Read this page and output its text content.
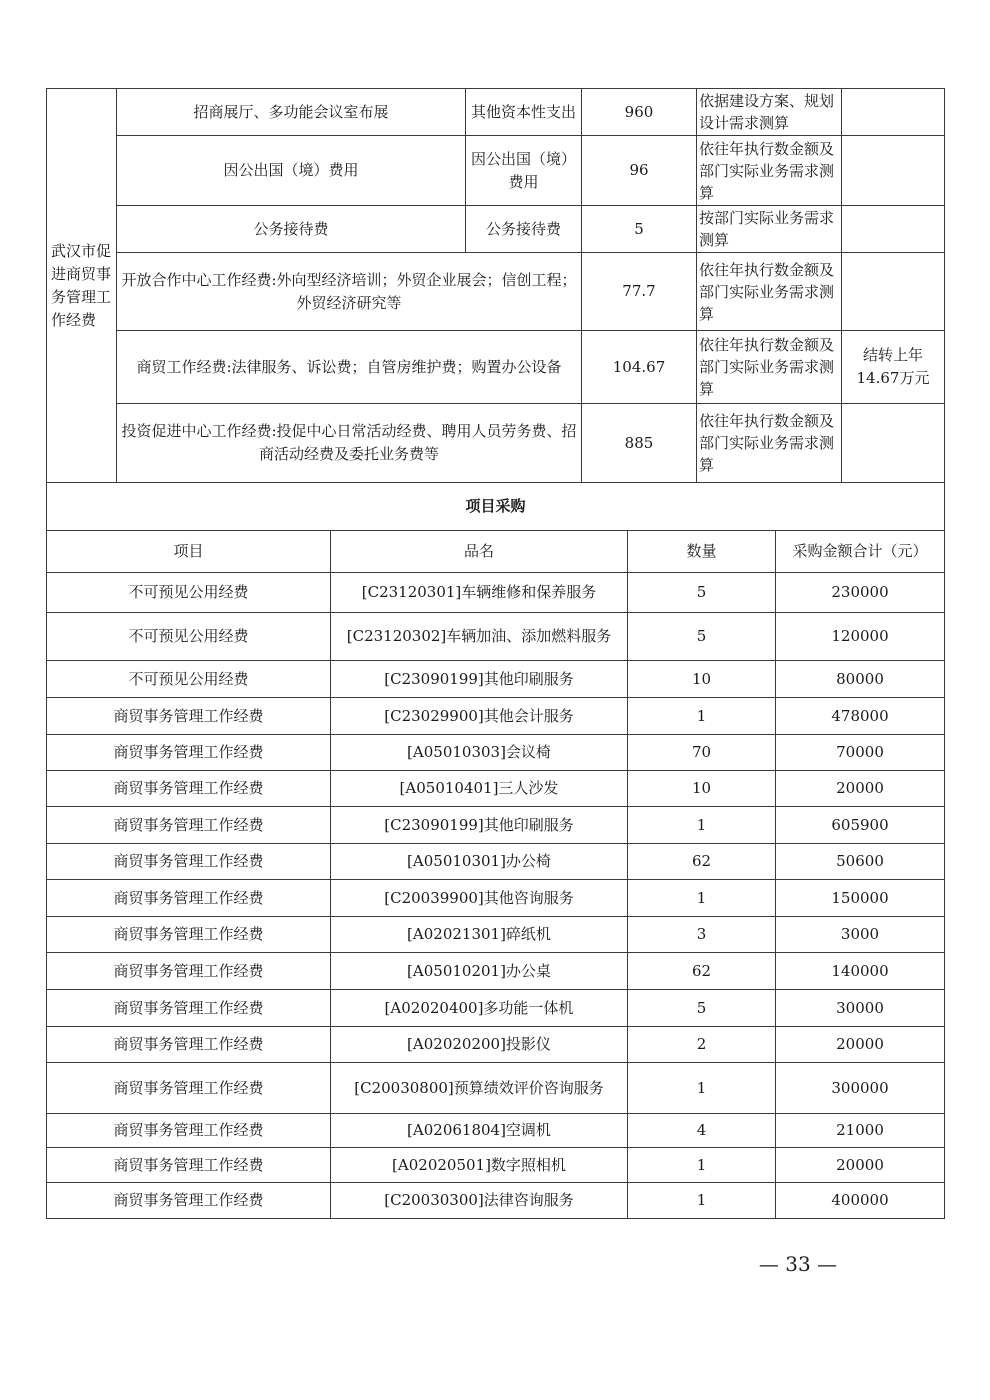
武汉市促进商贸事务管理工作经费	招商展厅、多功能会议室布展	其他资本性支出	960	依据建设方案、规划设计需求测算	
	因公出国（境）费用	因公出国（境）费用	96	依往年执行数金额及部门实际业务需求测算	
	公务接待费	公务接待费	5	按部门实际业务需求测算	
	开放合作中心工作经费:外向型经济培训；外贸企业展会；信创工程；外贸经济研究等		77.7	依往年执行数金额及部门实际业务需求测算	
	商贸工作经费:法律服务、诉讼费；自管房维护费；购置办公设备		104.67	依往年执行数金额及部门实际业务需求测算	结转上年14.67万元
	投资促进中心工作经费:投促中心日常活动经费、聘用人员劳务费、招商活动经费及委托业务费等		885	依往年执行数金额及部门实际业务需求测算	
项目采购					
项目	品名	数量	采购金额合计（元）
不可预见公用经费	[C23120301]车辆维修和保养服务	5	230000
不可预见公用经费	[C23120302]车辆加油、添加燃料服务	5	120000
不可预见公用经费	[C23090199]其他印刷服务	10	80000
商贸事务管理工作经费	[C23029900]其他会计服务	1	478000
商贸事务管理工作经费	[A05010303]会议椅	70	70000
商贸事务管理工作经费	[A05010401]三人沙发	10	20000
商贸事务管理工作经费	[C23090199]其他印刷服务	1	605900
商贸事务管理工作经费	[A05010301]办公椅	62	50600
商贸事务管理工作经费	[C20039900]其他咨询服务	1	150000
商贸事务管理工作经费	[A02021301]碎纸机	3	3000
商贸事务管理工作经费	[A05010201]办公桌	62	140000
商贸事务管理工作经费	[A02020400]多功能一体机	5	30000
商贸事务管理工作经费	[A02020200]投影仪	2	20000
商贸事务管理工作经费	[C20030800]预算绩效评价咨询服务	1	300000
商贸事务管理工作经费	[A02061804]空调机	4	21000
商贸事务管理工作经费	[A02020501]数字照相机	1	20000
商贸事务管理工作经费	[C20030300]法律咨询服务	1	400000
— 33 —
